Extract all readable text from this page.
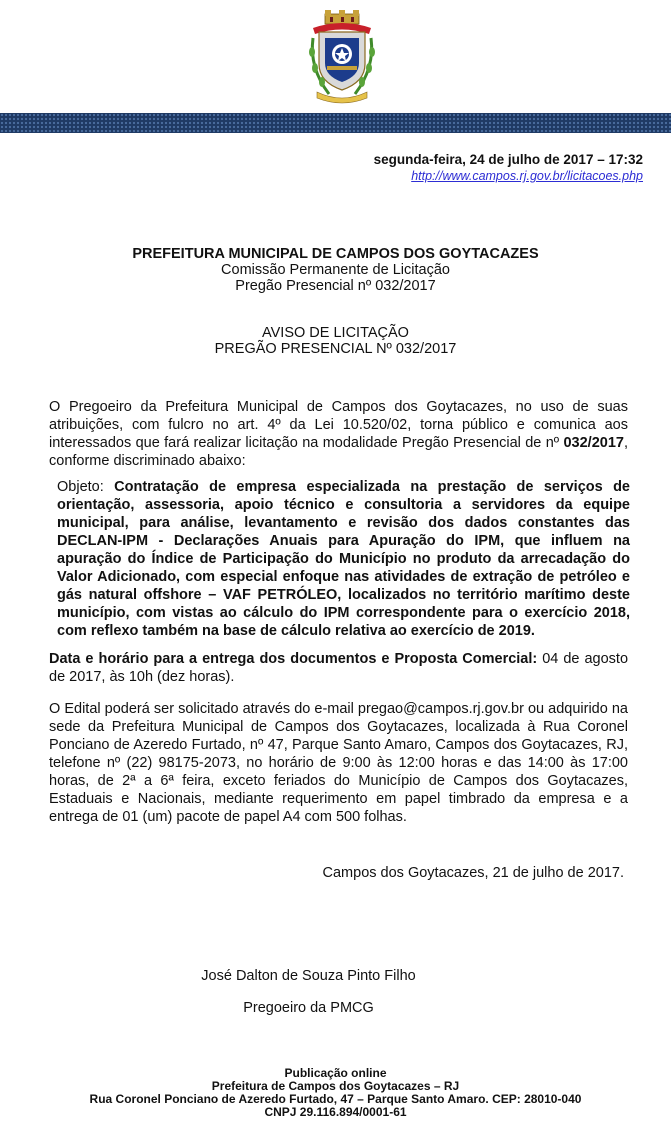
segunda-feira, 24 de julho de 2017 – 17:32
http://www.campos.rj.gov.br/licitacoes.php
PREFEITURA MUNICIPAL DE CAMPOS DOS GOYTACAZES
Comissão Permanente de Licitação
Pregão Presencial nº 032/2017
AVISO DE LICITAÇÃO
PREGÃO PRESENCIAL Nº 032/2017
O Pregoeiro da Prefeitura Municipal de Campos dos Goytacazes, no uso de suas atribuições, com fulcro no art. 4º da Lei 10.520/02, torna público e comunica aos interessados que fará realizar licitação na modalidade Pregão Presencial de nº 032/2017, conforme discriminado abaixo:
Objeto: Contratação de empresa especializada na prestação de serviços de orientação, assessoria, apoio técnico e consultoria a servidores da equipe municipal, para análise, levantamento e revisão dos dados constantes das DECLAN-IPM - Declarações Anuais para Apuração do IPM, que influem na apuração do Índice de Participação do Município no produto da arrecadação do Valor Adicionado, com especial enfoque nas atividades de extração de petróleo e gás natural offshore – VAF PETRÓLEO, localizados no território marítimo deste município, com vistas ao cálculo do IPM correspondente para o exercício 2018, com reflexo também na base de cálculo relativa ao exercício de 2019.
Data e horário para a entrega dos documentos e Proposta Comercial: 04 de agosto de 2017, às 10h (dez horas).
O Edital poderá ser solicitado através do e-mail pregao@campos.rj.gov.br ou adquirido na sede da Prefeitura Municipal de Campos dos Goytacazes, localizada à Rua Coronel Ponciano de Azeredo Furtado, nº 47, Parque Santo Amaro, Campos dos Goytacazes, RJ, telefone nº (22) 98175-2073, no horário de 9:00 às 12:00 horas e das 14:00 às 17:00 horas, de 2ª a 6ª feira, exceto feriados do Município de Campos dos Goytacazes, Estaduais e Nacionais, mediante requerimento em papel timbrado da empresa e a entrega de 01 (um) pacote de papel A4 com 500 folhas.
Campos dos Goytacazes, 21 de julho de 2017.
José Dalton de Souza Pinto Filho
Pregoeiro da PMCG
Publicação online
Prefeitura de Campos dos Goytacazes – RJ
Rua Coronel Ponciano de Azeredo Furtado, 47 – Parque Santo Amaro. CEP: 28010-040
CNPJ 29.116.894/0001-61
